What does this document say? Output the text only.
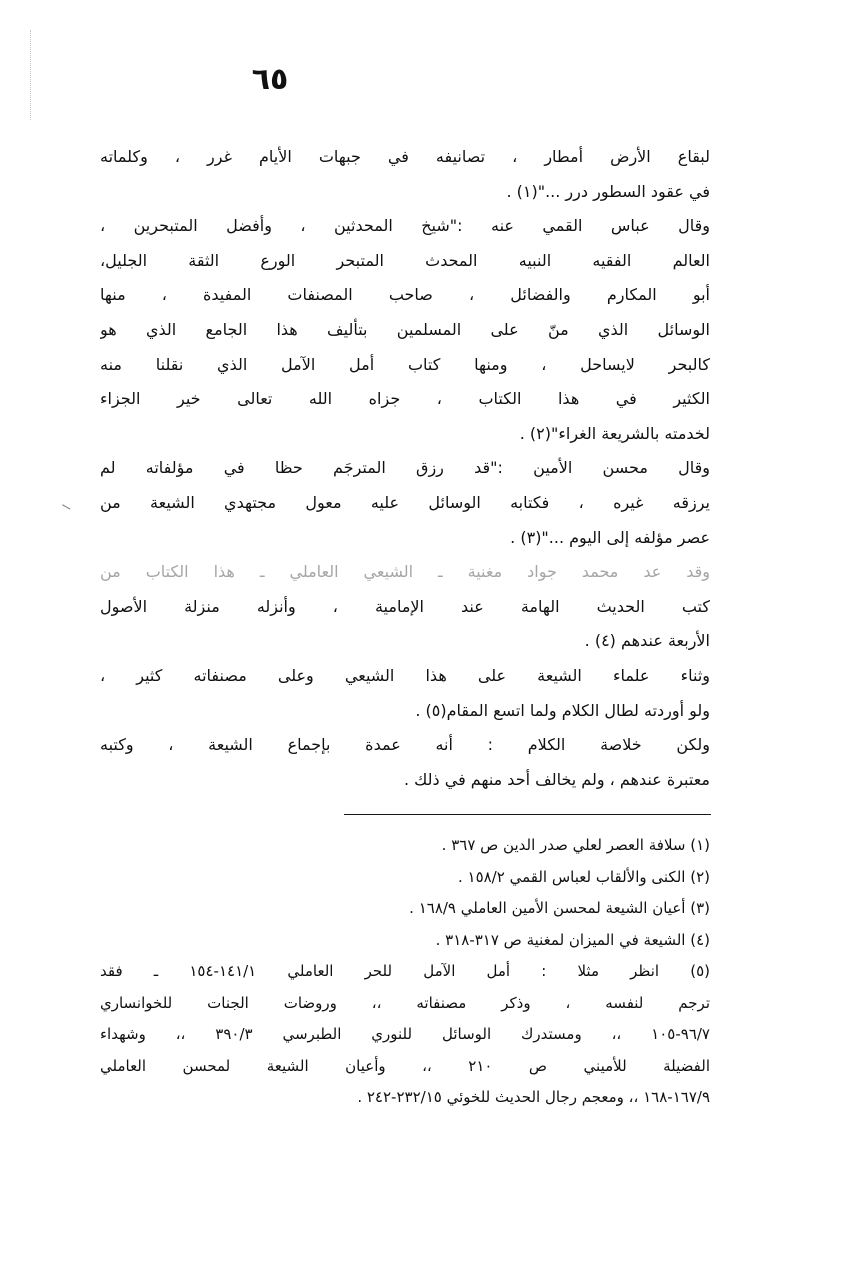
٦٥
لبقاع الأرض أمطار ، تصانيفه في جبهات الأيام غرر ، وكلماته
في عقود السطور درر ..."(١) .
وقال عباس القمي عنه :"شيخ المحدثين ، وأفضل المتبحرين ،
العالم الفقيه النبيه المحدث المتبحر الورع الثقة الجليل،
أبو المكارم والفضائل ، صاحب المصنفات المفيدة ، منها
الوسائل الذي منّ على المسلمين بتأليف هذا الجامع الذي هو
كالبحر لايساحل ، ومنها كتاب أمل الآمل الذي نقلنا منه
الكثير في هذا الكتاب ، جزاه الله تعالى خير الجزاء
لخدمته بالشريعة الغراء"(٢) .
وقال محسن الأمين :"قد رزق المترجَم حظا في مؤلفاته لم
يرزقه غيره ، فكتابه الوسائل عليه معول مجتهدي الشيعة من
عصر مؤلفه إلى اليوم ..."(٣) .
وقد عد محمد جواد مغنية ـ الشيعي العاملي ـ هذا الكتاب من
كتب الحديث الهامة عند الإمامية ، وأنزله منزلة الأصول
الأربعة عندهم (٤) .
وثناء علماء الشيعة على هذا الشيعي وعلى مصنفاته كثير ،
ولو أوردته لطال الكلام ولما اتسع المقام(٥) .
ولكن خلاصة الكلام : أنه عمدة بإجماع الشيعة ، وكتبه
معتبرة عندهم ، ولم يخالف أحد منهم في ذلك .
(١) سلافة العصر لعلي صدر الدين ص ٣٦٧ .
(٢) الكنى والألقاب لعباس القمي ١٥٨/٢ .
(٣) أعيان الشيعة لمحسن الأمين العاملي ١٦٨/٩ .
(٤) الشيعة في الميزان لمغنية ص ٣١٧-٣١٨ .
(٥) انظر مثلا : أمل الآمل للحر العاملي ١٤١/١-١٥٤ ـ فقد
ترجم لنفسه ، وذكر مصنفاته ،، وروضات الجنات للخوانساري
٩٦/٧-١٠٥ ،، ومستدرك الوسائل للنوري الطبرسي ٣٩٠/٣ ،، وشهداء
الفضيلة للأميني ص ٢١٠ ،، وأعيان الشيعة لمحسن العاملي
١٦٧/٩-١٦٨ ،، ومعجم رجال الحديث للخوئي ٢٣٢/١٥-٢٤٢ .
